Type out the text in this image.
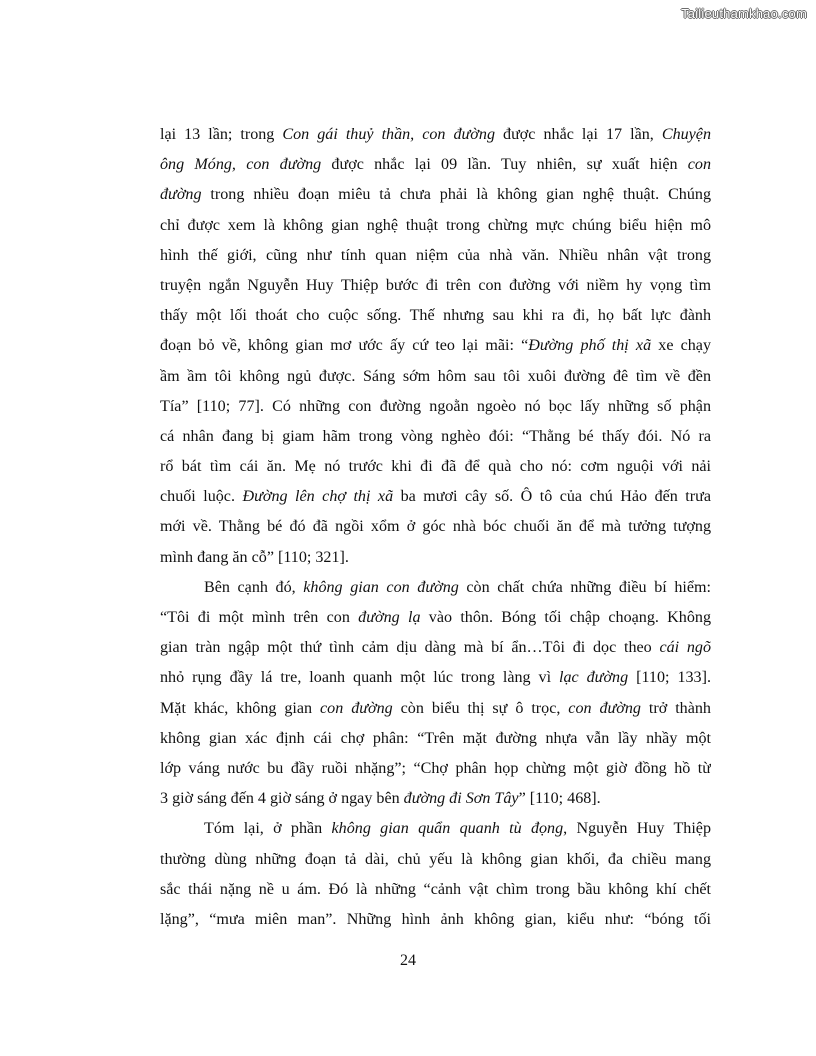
Tailieuthamkhao.com
lại 13 lần; trong Con gái thuỷ thần, con đường được nhắc lại 17 lần, Chuyện
ông Móng, con đường được nhắc lại 09 lần. Tuy nhiên, sự xuất hiện con
đường trong nhiều đoạn miêu tả chưa phải là không gian nghệ thuật. Chúng
chỉ được xem là không gian nghệ thuật trong chừng mực chúng biểu hiện mô
hình thế giới, cũng như tính quan niệm của nhà văn. Nhiều nhân vật trong
truyện ngắn Nguyễn Huy Thiệp bước đi trên con đường với niềm hy vọng tìm
thấy một lối thoát cho cuộc sống. Thế nhưng sau khi ra đi, họ bất lực đành
đoạn bỏ về, không gian mơ ước ấy cứ teo lại mãi: “Đường phố thị xã xe chạy
ầm ầm tôi không ngủ được. Sáng sớm hôm sau tôi xuôi đường đê tìm về đền
Tía” [110; 77]. Có những con đường ngoằn ngoèo nó bọc lấy những số phận
cá nhân đang bị giam hãm trong vòng nghèo đói: “Thằng bé thấy đói. Nó ra
rổ bát tìm cái ăn. Mẹ nó trước khi đi đã để quà cho nó: cơm nguội với nải
chuối luộc. Đường lên chợ thị xã ba mươi cây số. Ô tô của chú Hảo đến trưa
mới về. Thằng bé đó đã ngồi xổm ở góc nhà bóc chuối ăn để mà tưởng tượng
mình đang ăn cỗ” [110; 321].
Bên cạnh đó, không gian con đường còn chất chứa những điều bí hiểm:
“Tôi đi một mình trên con đường lạ vào thôn. Bóng tối chập choạng. Không
gian tràn ngập một thứ tình cảm dịu dàng mà bí ẩn…Tôi đi dọc theo cái ngõ
nhỏ rụng đầy lá tre, loanh quanh một lúc trong làng vì lạc đường [110; 133].
Mặt khác, không gian con đường còn biểu thị sự ô trọc, con đường trở thành
không gian xác định cái chợ phân: “Trên mặt đường nhựa vẫn lầy nhầy một
lớp váng nước bu đầy ruồi nhặng”; “Chợ phân họp chừng một giờ đồng hồ từ
3 giờ sáng đến 4 giờ sáng ở ngay bên đường đi Sơn Tây” [110; 468].
Tóm lại, ở phần không gian quẩn quanh tù đọng, Nguyễn Huy Thiệp
thường dùng những đoạn tả dài, chủ yếu là không gian khối, đa chiều mang
sắc thái nặng nề u ám. Đó là những “cảnh vật chìm trong bầu không khí chết
lặng”, “mưa miên man”. Những hình ảnh không gian, kiểu như: “bóng tối
24
